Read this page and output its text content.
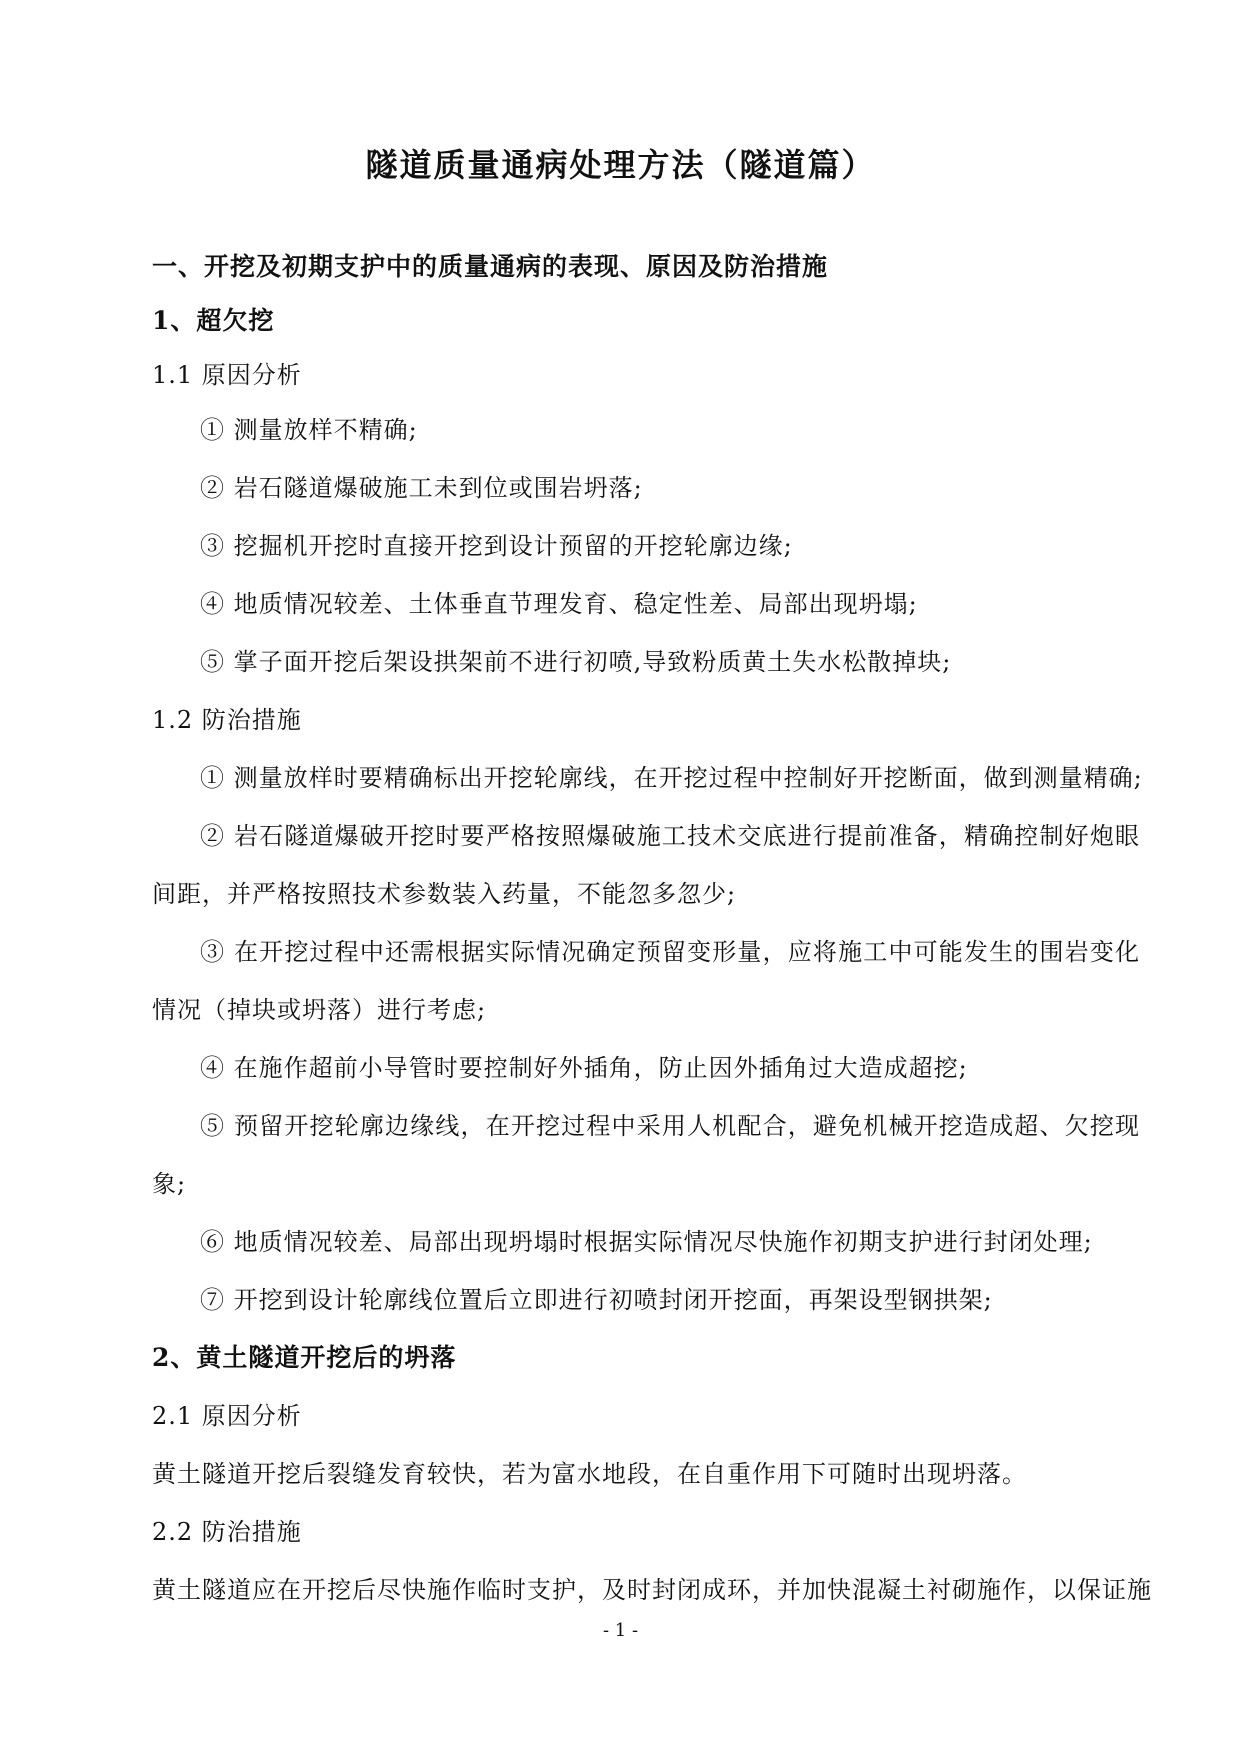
隧道质量通病处理方法（隧道篇）
一、开挖及初期支护中的质量通病的表现、原因及防治措施
1、超欠挖
1.1 原因分析
① 测量放样不精确;
② 岩石隧道爆破施工未到位或围岩坍落;
③ 挖掘机开挖时直接开挖到设计预留的开挖轮廓边缘;
④ 地质情况较差、土体垂直节理发育、稳定性差、局部出现坍塌;
⑤ 掌子面开挖后架设拱架前不进行初喷,导致粉质黄土失水松散掉块;
1.2 防治措施
① 测量放样时要精确标出开挖轮廓线，在开挖过程中控制好开挖断面，做到测量精确;
② 岩石隧道爆破开挖时要严格按照爆破施工技术交底进行提前准备，精确控制好炮眼
间距，并严格按照技术参数装入药量，不能忽多忽少;
③ 在开挖过程中还需根据实际情况确定预留变形量，应将施工中可能发生的围岩变化
情况（掉块或坍落）进行考虑;
④ 在施作超前小导管时要控制好外插角，防止因外插角过大造成超挖;
⑤ 预留开挖轮廓边缘线，在开挖过程中采用人机配合，避免机械开挖造成超、欠挖现
象;
⑥ 地质情况较差、局部出现坍塌时根据实际情况尽快施作初期支护进行封闭处理;
⑦ 开挖到设计轮廓线位置后立即进行初喷封闭开挖面，再架设型钢拱架;
2、黄土隧道开挖后的坍落
2.1 原因分析
黄土隧道开挖后裂缝发育较快，若为富水地段，在自重作用下可随时出现坍落。
2.2 防治措施
黄土隧道应在开挖后尽快施作临时支护，及时封闭成环，并加快混凝土衬砌施作，以保证施
- 1 -
